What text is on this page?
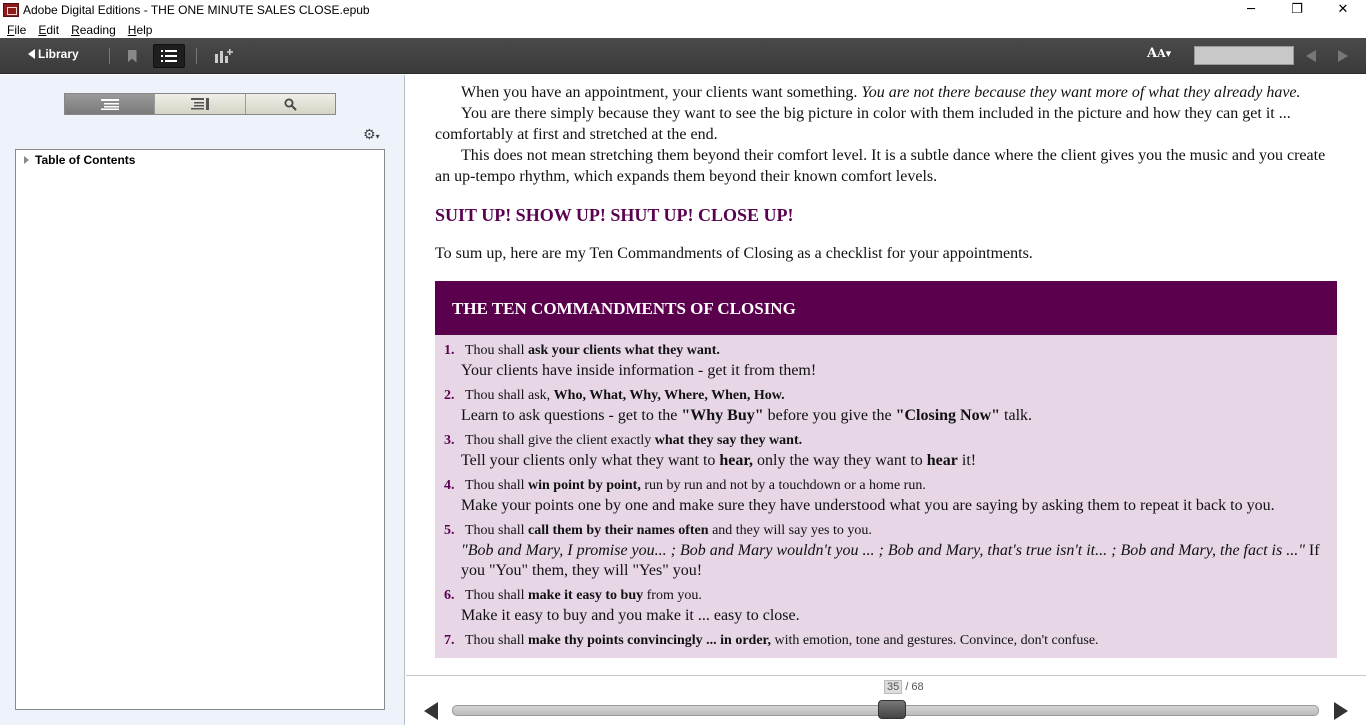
Adobe Digital Editions - THE ONE MINUTE SALES CLOSE.epub	─	❐	✕
File	Edit	Reading	Help
Library	AA▾
⚙▾
Table of Contents

When you have an appointment, your clients want something. You are not there because they want more of what they already have.

You are there simply because they want to see the big picture in color with them included in the picture and how they can get it ... comfortably at first and stretched at the end.

This does not mean stretching them beyond their comfort level. It is a subtle dance where the client gives you the music and you create an up-tempo rhythm, which expands them beyond their known comfort levels.

SUIT UP! SHOW UP! SHUT UP! CLOSE UP!

To sum up, here are my Ten Commandments of Closing as a checklist for your appointments.

THE TEN COMMANDMENTS OF CLOSING
1. Thou shall ask your clients what they want.
Your clients have inside information - get it from them!
2. Thou shall ask, Who, What, Why, Where, When, How.
Learn to ask questions - get to the "Why Buy" before you give the "Closing Now" talk.
3. Thou shall give the client exactly what they say they want.
Tell your clients only what they want to hear, only the way they want to hear it!
4. Thou shall win point by point, run by run and not by a touchdown or a home run.
Make your points one by one and make sure they have understood what you are saying by asking them to repeat it back to you.
5. Thou shall call them by their names often and they will say yes to you.
"Bob and Mary, I promise you... ; Bob and Mary wouldn't you ... ; Bob and Mary, that's true isn't it... ; Bob and Mary, the fact is ..." If you "You" them, they will "Yes" you!
6. Thou shall make it easy to buy from you.
Make it easy to buy and you make it ... easy to close.
7. Thou shall make thy points convincingly ... in order, with emotion, tone and gestures. Convince, don't confuse.
35 / 68
